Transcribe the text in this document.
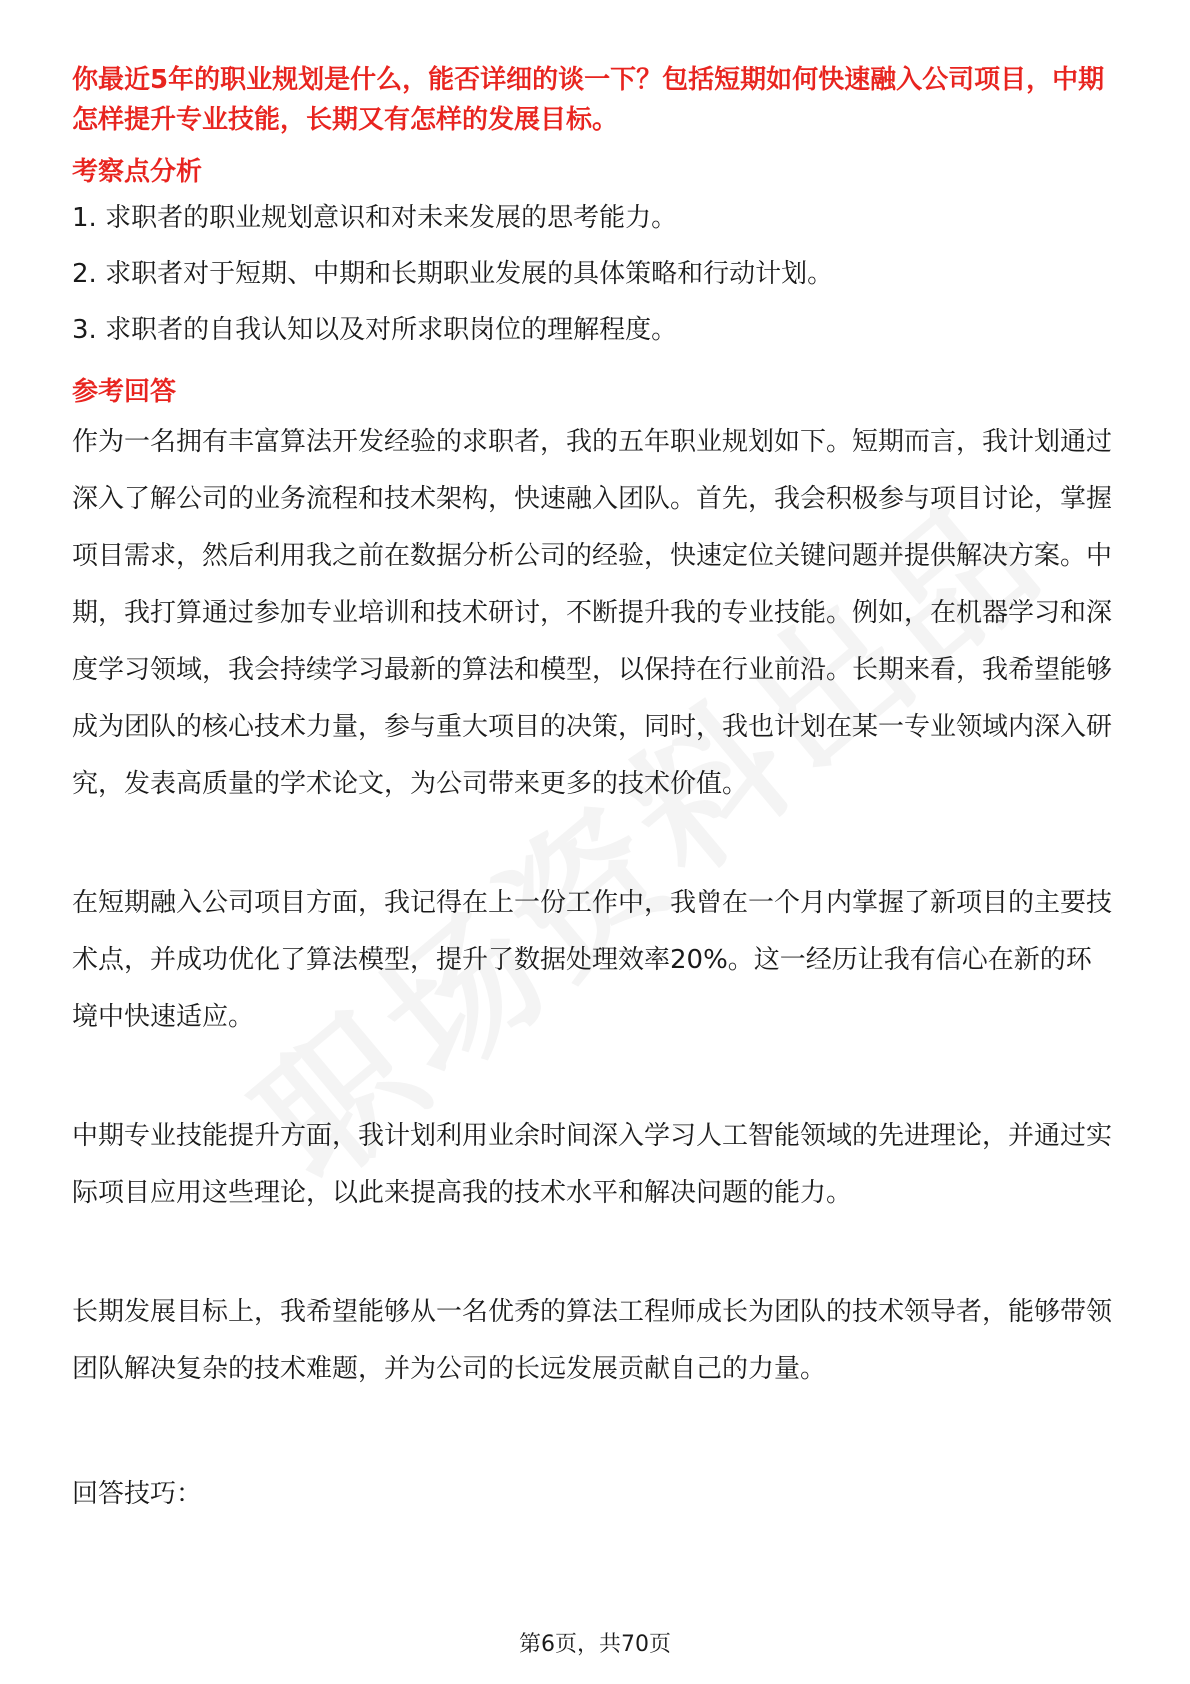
你最近5年的职业规划是什么，能否详细的谈一下？包括短期如何快速融入公司项目，中期怎样提升专业技能，长期又有怎样的发展目标。

考察点分析
1. 求职者的职业规划意识和对未来发展的思考能力。
2. 求职者对于短期、中期和长期职业发展的具体策略和行动计划。
3. 求职者的自我认知以及对所求职岗位的理解程度。
参考回答

作为一名拥有丰富算法开发经验的求职者，我的五年职业规划如下。短期而言，我计划通过深入了解公司的业务流程和技术架构，快速融入团队。首先，我会积极参与项目讨论，掌握项目需求，然后利用我之前在数据分析公司的经验，快速定位关键问题并提供解决方案。中期，我打算通过参加专业培训和技术研讨，不断提升我的专业技能。例如，在机器学习和深度学习领域，我会持续学习最新的算法和模型，以保持在行业前沿。长期来看，我希望能够成为团队的核心技术力量，参与重大项目的决策，同时，我也计划在某一专业领域内深入研究，发表高质量的学术论文，为公司带来更多的技术价值。

在短期融入公司项目方面，我记得在上一份工作中，我曾在一个月内掌握了新项目的主要技术点，并成功优化了算法模型，提升了数据处理效率20%。这一经历让我有信心在新的环境中快速适应。

中期专业技能提升方面，我计划利用业余时间深入学习人工智能领域的先进理论，并通过实际项目应用这些理论，以此来提高我的技术水平和解决问题的能力。

长期发展目标上，我希望能够从一名优秀的算法工程师成长为团队的技术领导者，能够带领团队解决复杂的技术难题，并为公司的长远发展贡献自己的力量。

回答技巧：
第6页，共70页
